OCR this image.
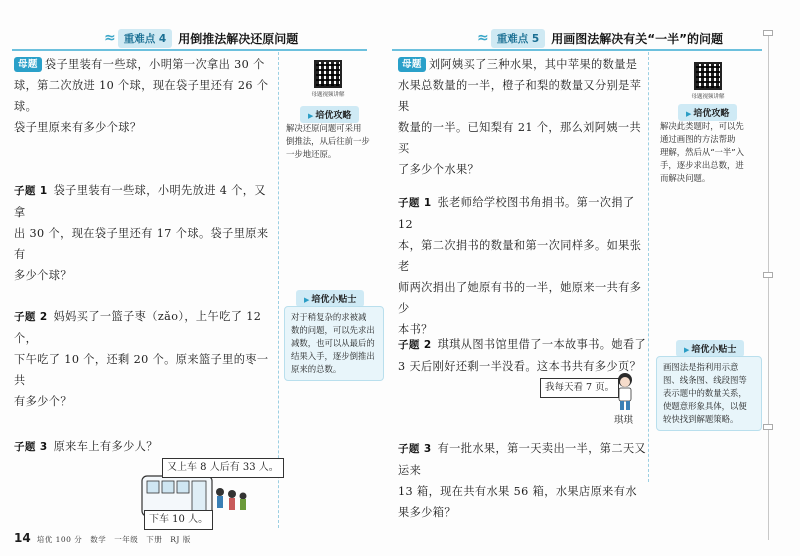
≈ 重难点 4	用倒推法解决还原问题	≈ 重难点 5	用画图法解决有关“一半”的问题
母题 袋子里装有一些球，小明第一次拿出 30 个
球，第二次放进 10 个球，现在袋子里还有 26 个球。
袋子里原来有多少个球？
子题 1 袋子里装有一些球，小明先放进 4 个，又拿
出 30 个，现在袋子里还有 17 个球。袋子里原来有
多少个球？
子题 2 妈妈买了一篮子枣（zǎo），上午吃了 12 个，
下午吃了 10 个，还剩 20 个。原来篮子里的枣一共
有多少个？
子题 3 原来车上有多少人？
又上车 8 人后有 33 人。
下车 10 人。
母题视频讲解
▶ 培优攻略
解决还原问题可采用
倒推法，从后往前一步
一步地还原。
▶ 培优小贴士
对于稍复杂的求被减
数的问题，可以先求出
减数，也可以从最后的
结果入手，逐步倒推出
原来的总数。
母题 刘阿姨买了三种水果，其中苹果的数量是
水果总数量的一半，橙子和梨的数量又分别是苹果
数量的一半。已知梨有 21 个，那么刘阿姨一共买
了多少个水果？
子题 1 张老师给学校图书角捐书。第一次捐了 12
本，第二次捐书的数量和第一次同样多。如果张老
师两次捐出了她原有书的一半，她原来一共有多少
本书？
子题 2 琪琪从图书馆里借了一本故事书。她看了
3 天后刚好还剩一半没看。这本书共有多少页？
我每天看 7 页。
琪琪
子题 3 有一批水果，第一天卖出一半，第二天又运来
13 箱，现在共有水果 56 箱，水果店原来有水果多少箱？
母题视频讲解
▶ 培优攻略
解决此类题时，可以先
通过画图的方法帮助
理解，然后从“一半”入
手，逐步求出总数，进
而解决问题。
▶ 培优小贴士
画图法是指利用示意
图、线条图、线段图等
表示题中的数量关系，
使题意形象具体，以便
较快找到解题策略。
14 培优 100 分　数学　一年级　下册　RJ 版
